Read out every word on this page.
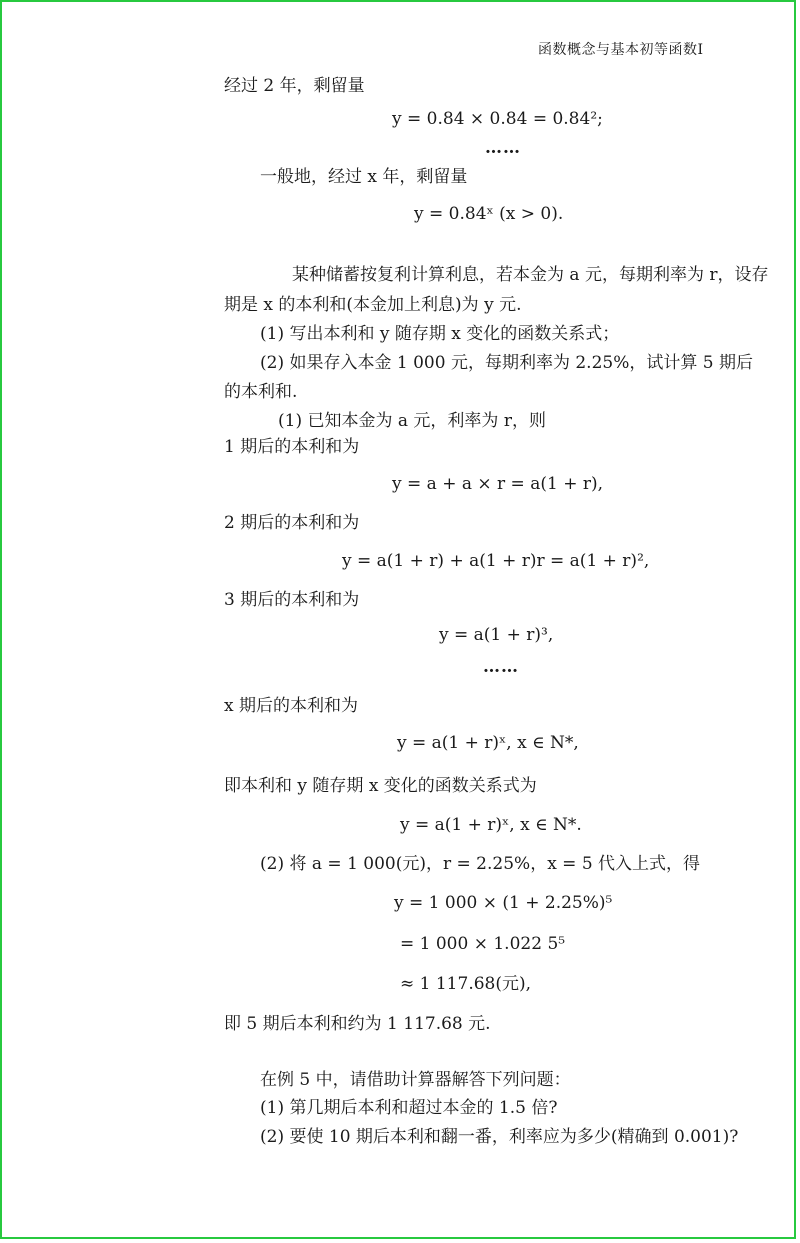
函数概念与基本初等函数Ⅰ
经过 2 年，剩留量
y = 0.84 × 0.84 = 0.84²;
……
一般地，经过 x 年，剩留量
y = 0.84ˣ (x > 0).
某种储蓄按复利计算利息，若本金为 a 元，每期利率为 r，设存
期是 x 的本利和(本金加上利息)为 y 元.
(1) 写出本利和 y 随存期 x 变化的函数关系式；
(2) 如果存入本金 1 000 元，每期利率为 2.25%，试计算 5 期后
的本利和.
(1) 已知本金为 a 元，利率为 r，则
1 期后的本利和为
y = a + a × r = a(1 + r),
2 期后的本利和为
y = a(1 + r) + a(1 + r)r = a(1 + r)²,
3 期后的本利和为
y = a(1 + r)³,
……
x 期后的本利和为
y = a(1 + r)ˣ, x ∈ N*,
即本利和 y 随存期 x 变化的函数关系式为
y = a(1 + r)ˣ, x ∈ N*.
(2) 将 a = 1 000(元)，r = 2.25%，x = 5 代入上式，得
y = 1 000 × (1 + 2.25%)⁵
= 1 000 × 1.022 5⁵
≈ 1 117.68(元),
即 5 期后本利和约为 1 117.68 元.
在例 5 中，请借助计算器解答下列问题：
(1) 第几期后本利和超过本金的 1.5 倍?
(2) 要使 10 期后本利和翻一番，利率应为多少(精确到 0.001)?
